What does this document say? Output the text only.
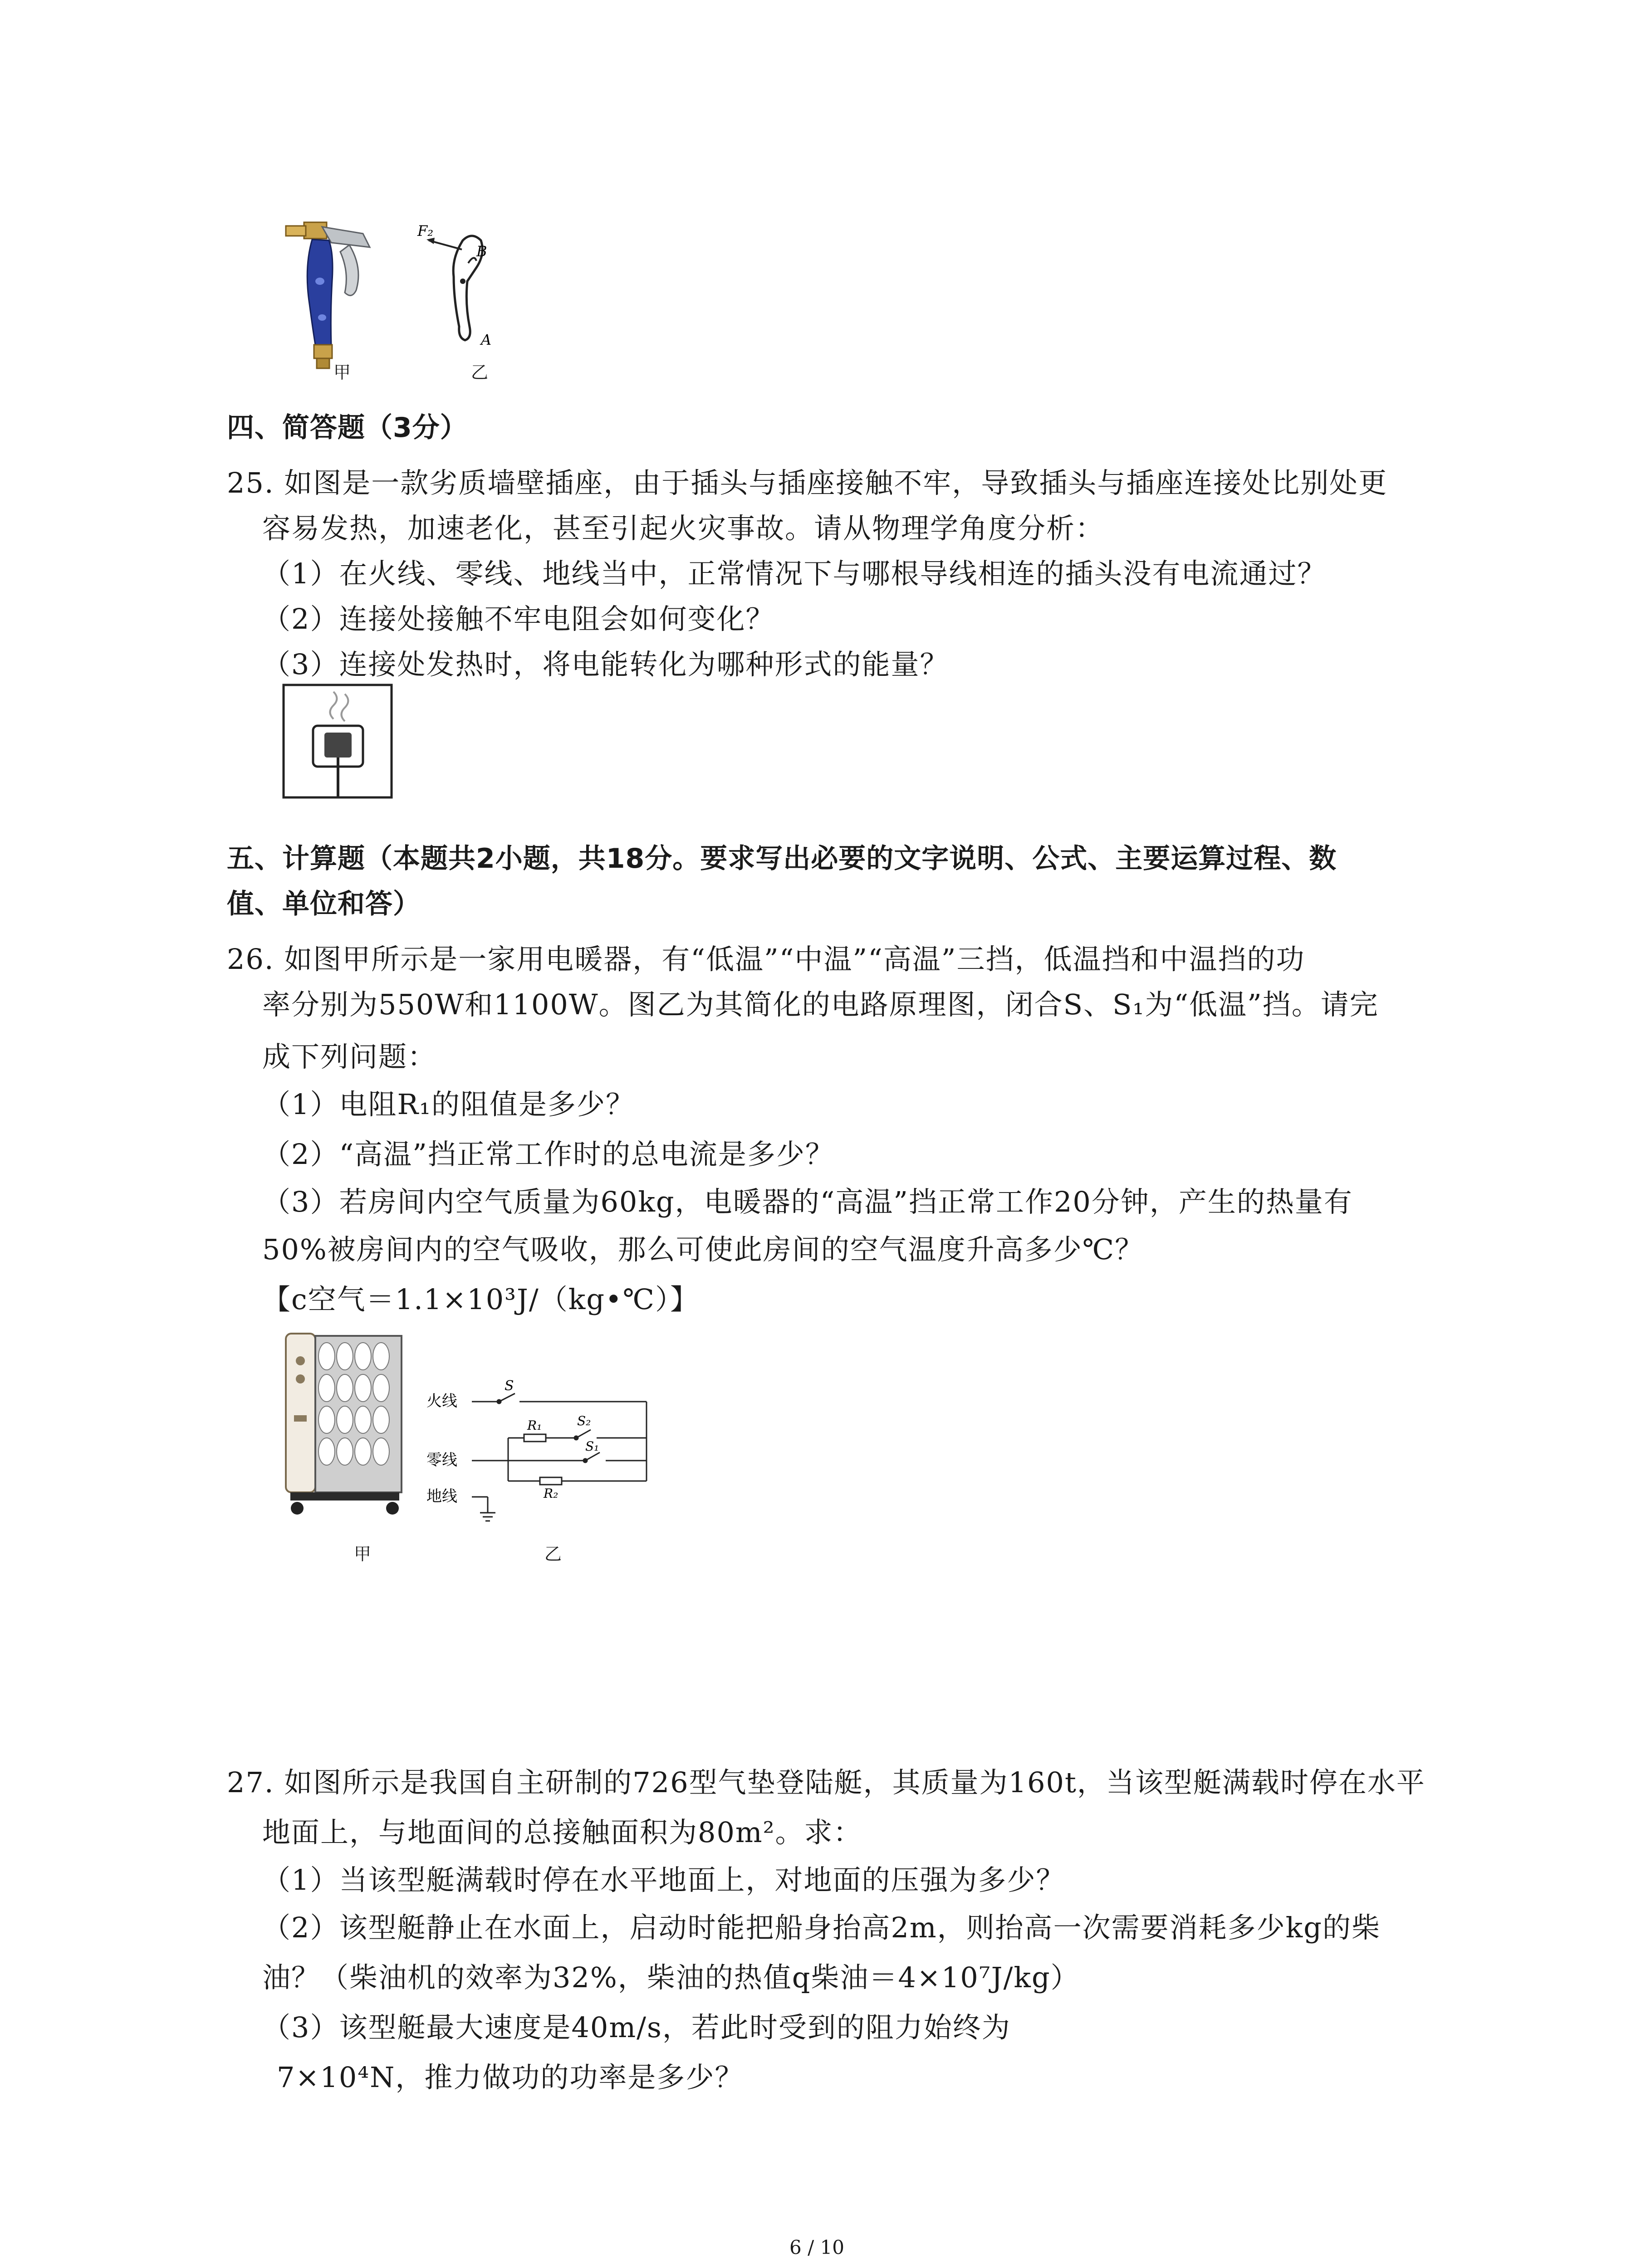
甲
F₂
B
A
乙
四、简答题（3分）
25. 如图是一款劣质墙壁插座，由于插头与插座接触不牢，导致插头与插座连接处比别处更
容易发热，加速老化，甚至引起火灾事故。请从物理学角度分析：
（1）在火线、零线、地线当中，正常情况下与哪根导线相连的插头没有电流通过？
（2）连接处接触不牢电阻会如何变化？
（3）连接处发热时，将电能转化为哪种形式的能量？
五、计算题（本题共2小题，共18分。要求写出必要的文字说明、公式、主要运算过程、数
值、单位和答）
26. 如图甲所示是一家用电暖器，有“低温”“中温”“高温”三挡，低温挡和中温挡的功
率分别为550W和1100W。图乙为其简化的电路原理图，闭合S、S₁为“低温”挡。请完
成下列问题：
（1）电阻R₁的阻值是多少？
（2）“高温”挡正常工作时的总电流是多少？
（3）若房间内空气质量为60kg，电暖器的“高温”挡正常工作20分钟，产生的热量有
50%被房间内的空气吸收，那么可使此房间的空气温度升高多少℃？
【c空气＝1.1×10³J/（kg•℃）】
甲
火线
零线
地线
S
R₁	S₂
S₁
R₂
乙
27. 如图所示是我国自主研制的726型气垫登陆艇，其质量为160t，当该型艇满载时停在水平
地面上，与地面间的总接触面积为80m²。求：
（1）当该型艇满载时停在水平地面上，对地面的压强为多少？
（2）该型艇静止在水面上，启动时能把船身抬高2m，则抬高一次需要消耗多少kg的柴
油？（柴油机的效率为32%，柴油的热值q柴油＝4×10⁷J/kg）
（3）该型艇最大速度是40m/s，若此时受到的阻力始终为
7×10⁴N，推力做功的功率是多少？
6 / 10
